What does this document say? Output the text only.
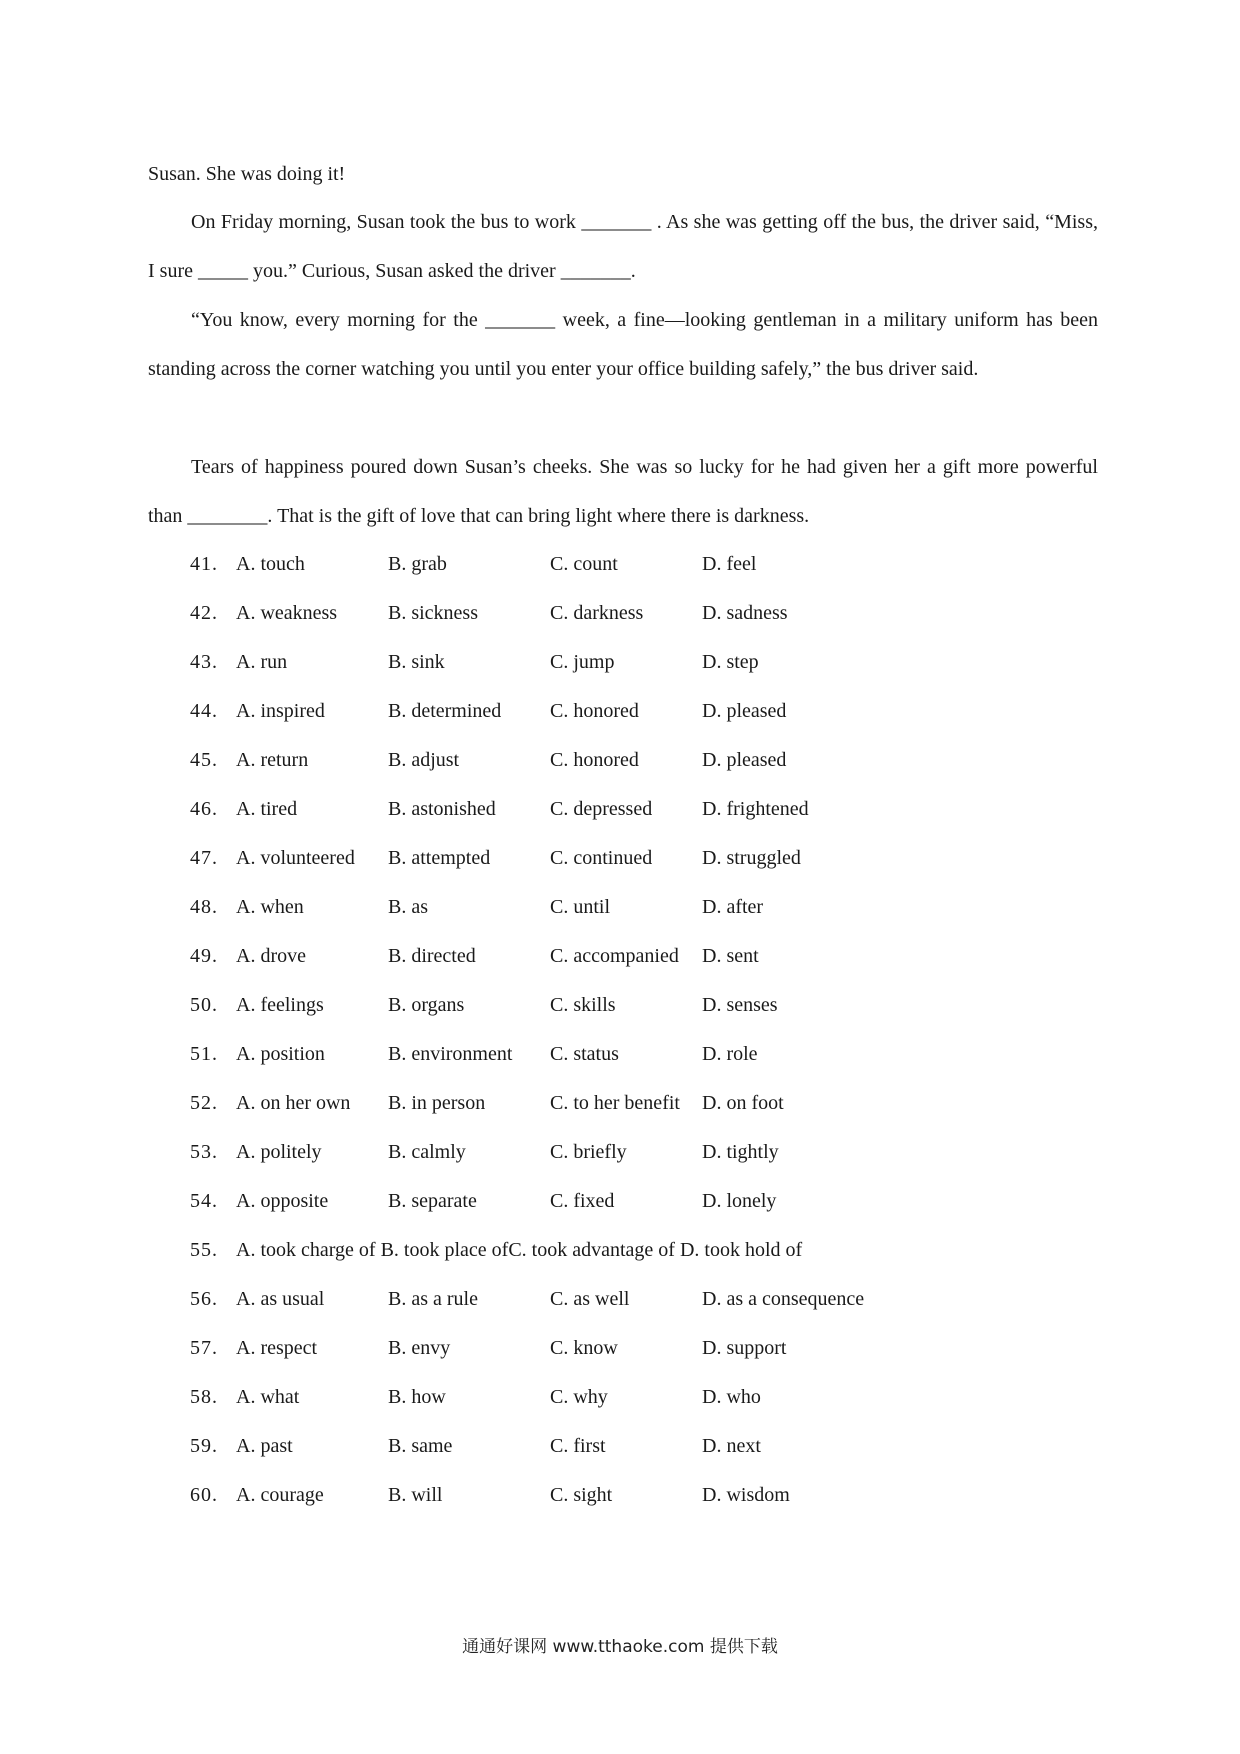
Susan. She was doing it!
On Friday morning, Susan took the bus to work _______ . As she was getting off the bus, the driver said, “Miss, I sure _____ you.” Curious, Susan asked the driver _______.
“You know, every morning for the _______ week, a fine—looking gentleman in a military uniform has been standing across the corner watching you until you enter your office building safely,” the bus driver said.
Tears of happiness poured down Susan’s cheeks. She was so lucky for he had given her a gift more powerful than ________. That is the gift of love that can bring light where there is darkness.
41. A. touch	B. grab	C. count	D. feel
42. A. weakness	B. sickness	C. darkness	D. sadness
43. A. run	B. sink	C. jump	D. step
44. A. inspired	B. determined C. honored	D. pleased
45. A. return	B. adjust	C. honored	D. pleased
46. A. tired	B. astonished	C. depressed D. frightened
47. A. volunteered B. attempted	C. continued D. struggled
48. A. when	B. as	C. until	D. after
49. A. drove	B. directed	C. accompanied D. sent
50. A. feelings	B. organs	C. skills	D. senses
51. A. position	B. environment C. status	D. role
52. A. on her own B. in person	C. to her benefit D. on foot
53. A. politely	B. calmly	C. briefly	D. tightly
54. A. opposite	B. separate	C. fixed	D. lonely
55. A. took charge of B. took place ofC. took advantage of D. took hold of
56. A. as usual	B. as a rule	C. as well	D. as a consequence
57. A. respect	B. envy	C. know	D. support
58. A. what	B. how	C. why	D. who
59. A. past	B. same	C. first	D. next
60. A. courage	B. will	C. sight	D. wisdom
通通好课网 www.tthaoke.com 提供下载
